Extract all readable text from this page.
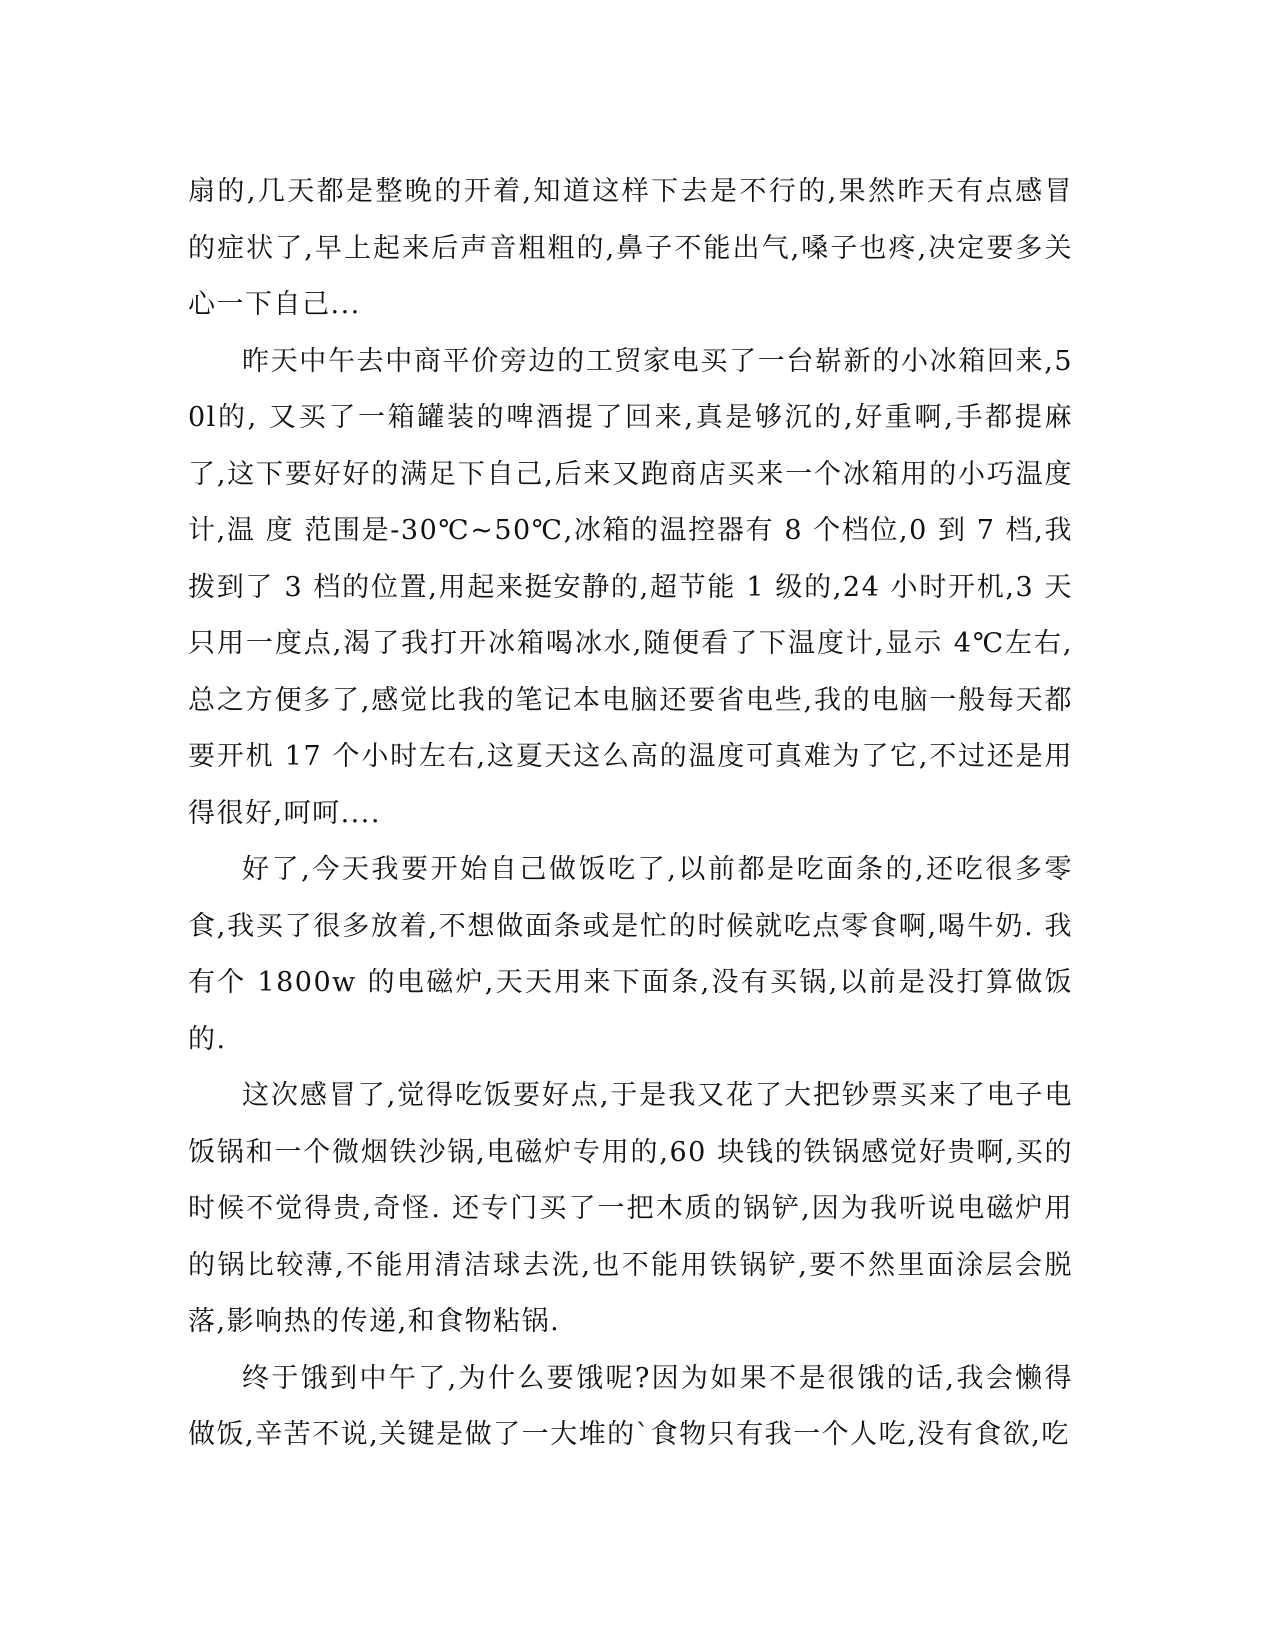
扇的,几天都是整晚的开着,知道这样下去是不行的,果然昨天有点感冒的症状了,早上起来后声音粗粗的,鼻子不能出气,嗓子也疼,决定要多关心一下自己...

昨天中午去中商平价旁边的工贸家电买了一台崭新的小冰箱回来,50l的, 又买了一箱罐装的啤酒提了回来,真是够沉的,好重啊,手都提麻了,这下要好好的满足下自己,后来又跑商店买来一个冰箱用的小巧温度计,温 度 范围是-30℃~50℃,冰箱的温控器有 8 个档位,0 到 7 档,我拨到了 3 档的位置,用起来挺安静的,超节能 1 级的,24 小时开机,3 天只用一度点,渴了我打开冰箱喝冰水,随便看了下温度计,显示 4℃左右,总之方便多了,感觉比我的笔记本电脑还要省电些,我的电脑一般每天都要开机 17 个小时左右,这夏天这么高的温度可真难为了它,不过还是用得很好,呵呵....

好了,今天我要开始自己做饭吃了,以前都是吃面条的,还吃很多零食,我买了很多放着,不想做面条或是忙的时候就吃点零食啊,喝牛奶. 我有个 1800w 的电磁炉,天天用来下面条,没有买锅,以前是没打算做饭的.

这次感冒了,觉得吃饭要好点,于是我又花了大把钞票买来了电子电饭锅和一个微烟铁沙锅,电磁炉专用的,60 块钱的铁锅感觉好贵啊,买的时候不觉得贵,奇怪. 还专门买了一把木质的锅铲,因为我听说电磁炉用的锅比较薄,不能用清洁球去洗,也不能用铁锅铲,要不然里面涂层会脱落,影响热的传递,和食物粘锅.

终于饿到中午了,为什么要饿呢?因为如果不是很饿的话,我会懒得做饭,辛苦不说,关键是做了一大堆的`食物只有我一个人吃,没有食欲,吃
